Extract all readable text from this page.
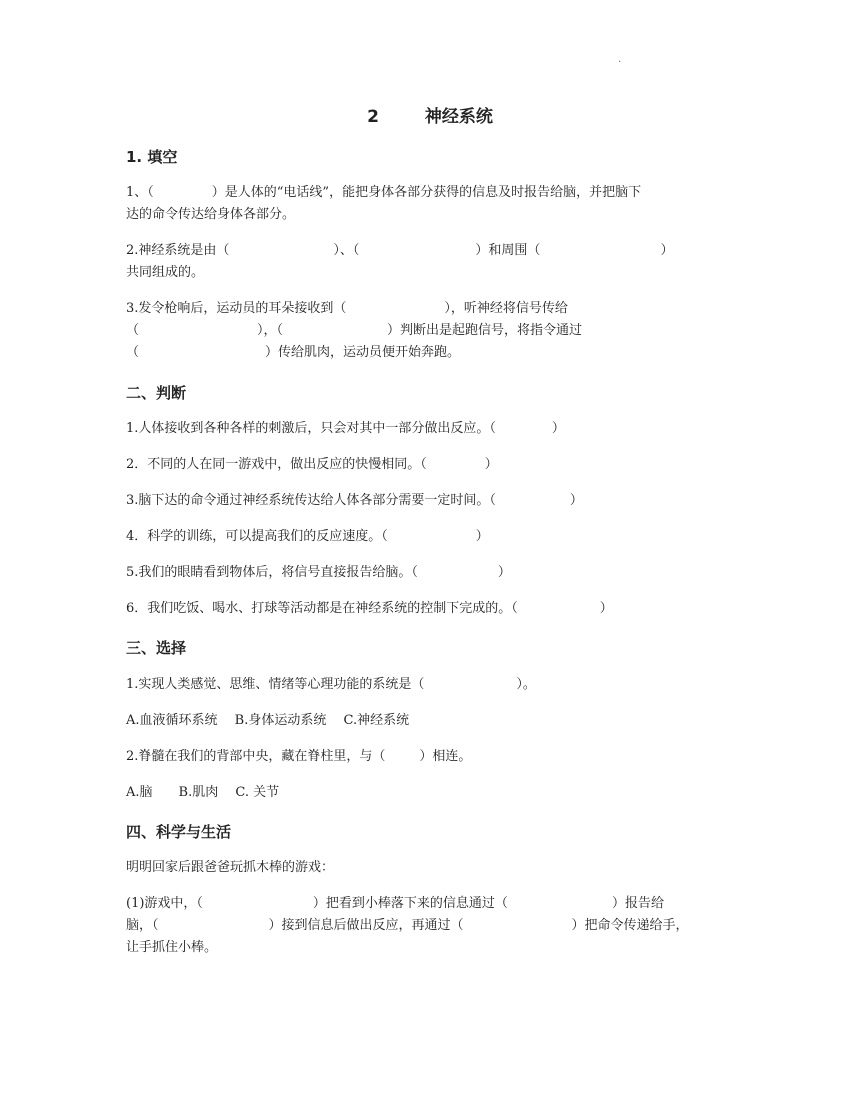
.
2	神经系统
1. 填空
1、（	）是人体的“电话线”，能把身体各部分获得的信息及时报告给脑，并把脑下
达的命令传达给身体各部分。
2.神经系统是由（	）、（	）和周围（	）
共同组成的。
3.发令枪响后，运动员的耳朵接收到（	），听神经将信号传给
（	），（	）判断出是起跑信号，将指令通过
（	）传给肌肉，运动员便开始奔跑。
二、判断
1.人体接收到各种各样的刺激后，只会对其中一部分做出反应。（	）
2．不同的人在同一游戏中，做出反应的快慢相同。（	）
3.脑下达的命令通过神经系统传达给人体各部分需要一定时间。（	）
4．科学的训练，可以提高我们的反应速度。（	）
5.我们的眼睛看到物体后，将信号直接报告给脑。（	）
6．我们吃饭、喝水、打球等活动都是在神经系统的控制下完成的。（	）
三、选择
1.实现人类感觉、思维、情绪等心理功能的系统是（	）。
A.血液循环系统　 B.身体运动系统　 C.神经系统
2.脊髓在我们的背部中央，藏在脊柱里，与（	）相连。
A.脑　　B.肌肉　 C. 关节
四、科学与生活
明明回家后跟爸爸玩抓木棒的游戏：
(1)游戏中，（	）把看到小棒落下来的信息通过（	）报告给
脑，（	）接到信息后做出反应，再通过（	）把命令传递给手，
让手抓住小棒。
